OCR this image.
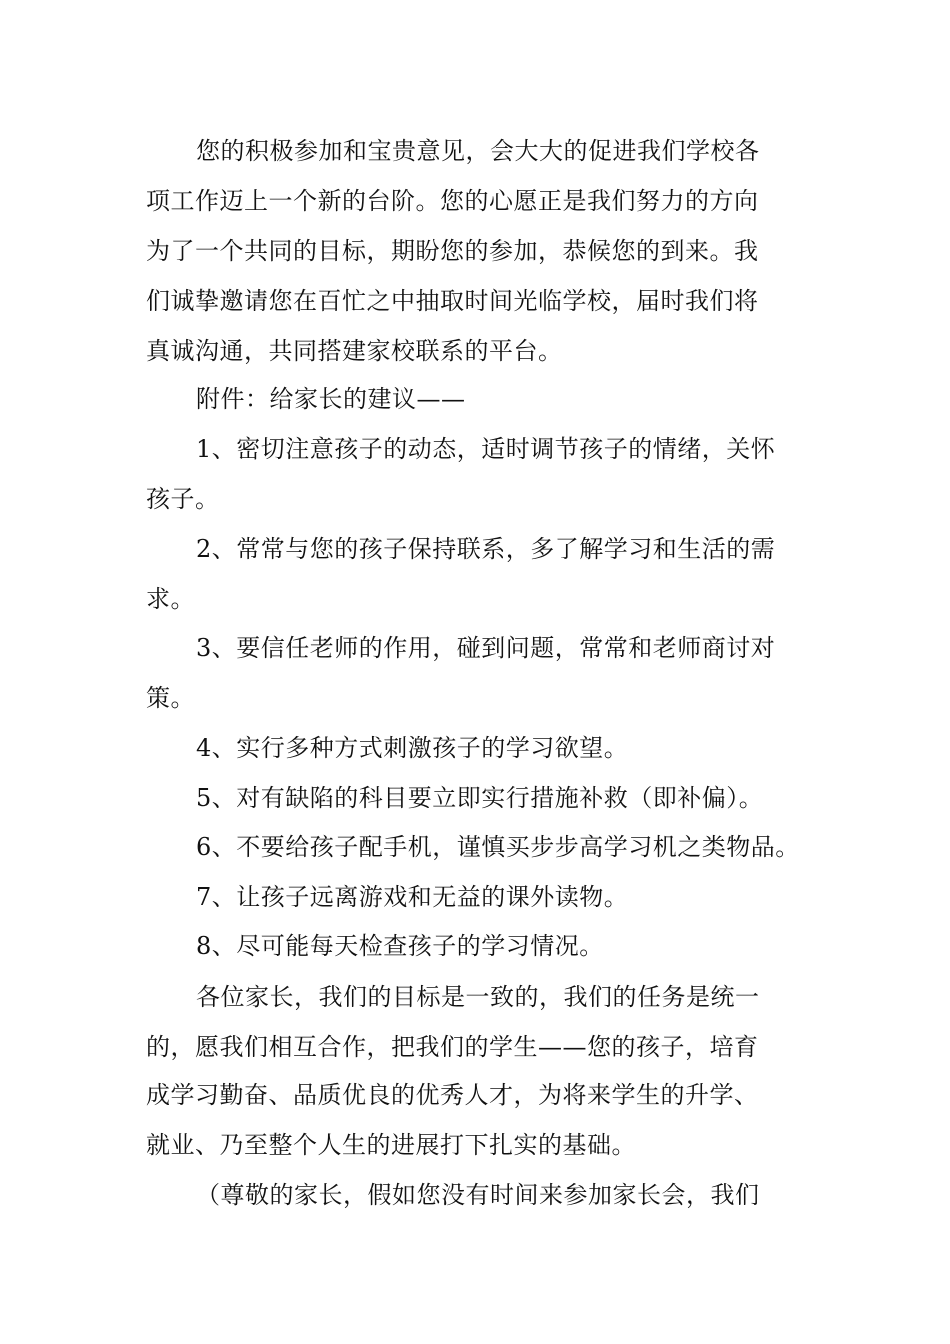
您的积极参加和宝贵意见，会大大的促进我们学校各
项工作迈上一个新的台阶。您的心愿正是我们努力的方向
为了一个共同的目标，期盼您的参加，恭候您的到来。我
们诚挚邀请您在百忙之中抽取时间光临学校，届时我们将
真诚沟通，共同搭建家校联系的平台。
附件：给家长的建议——
1、密切注意孩子的动态，适时调节孩子的情绪，关怀
孩子。
2、常常与您的孩子保持联系，多了解学习和生活的需
求。
3、要信任老师的作用，碰到问题，常常和老师商讨对
策。
4、实行多种方式刺激孩子的学习欲望。
5、对有缺陷的科目要立即实行措施补救（即补偏）。
6、不要给孩子配手机，谨慎买步步高学习机之类物品。
7、让孩子远离游戏和无益的课外读物。
8、尽可能每天检查孩子的学习情况。
各位家长，我们的目标是一致的，我们的任务是统一
的，愿我们相互合作，把我们的学生——您的孩子，培育
成学习勤奋、品质优良的优秀人才，为将来学生的升学、
就业、乃至整个人生的进展打下扎实的基础。
（尊敬的家长，假如您没有时间来参加家长会，我们
